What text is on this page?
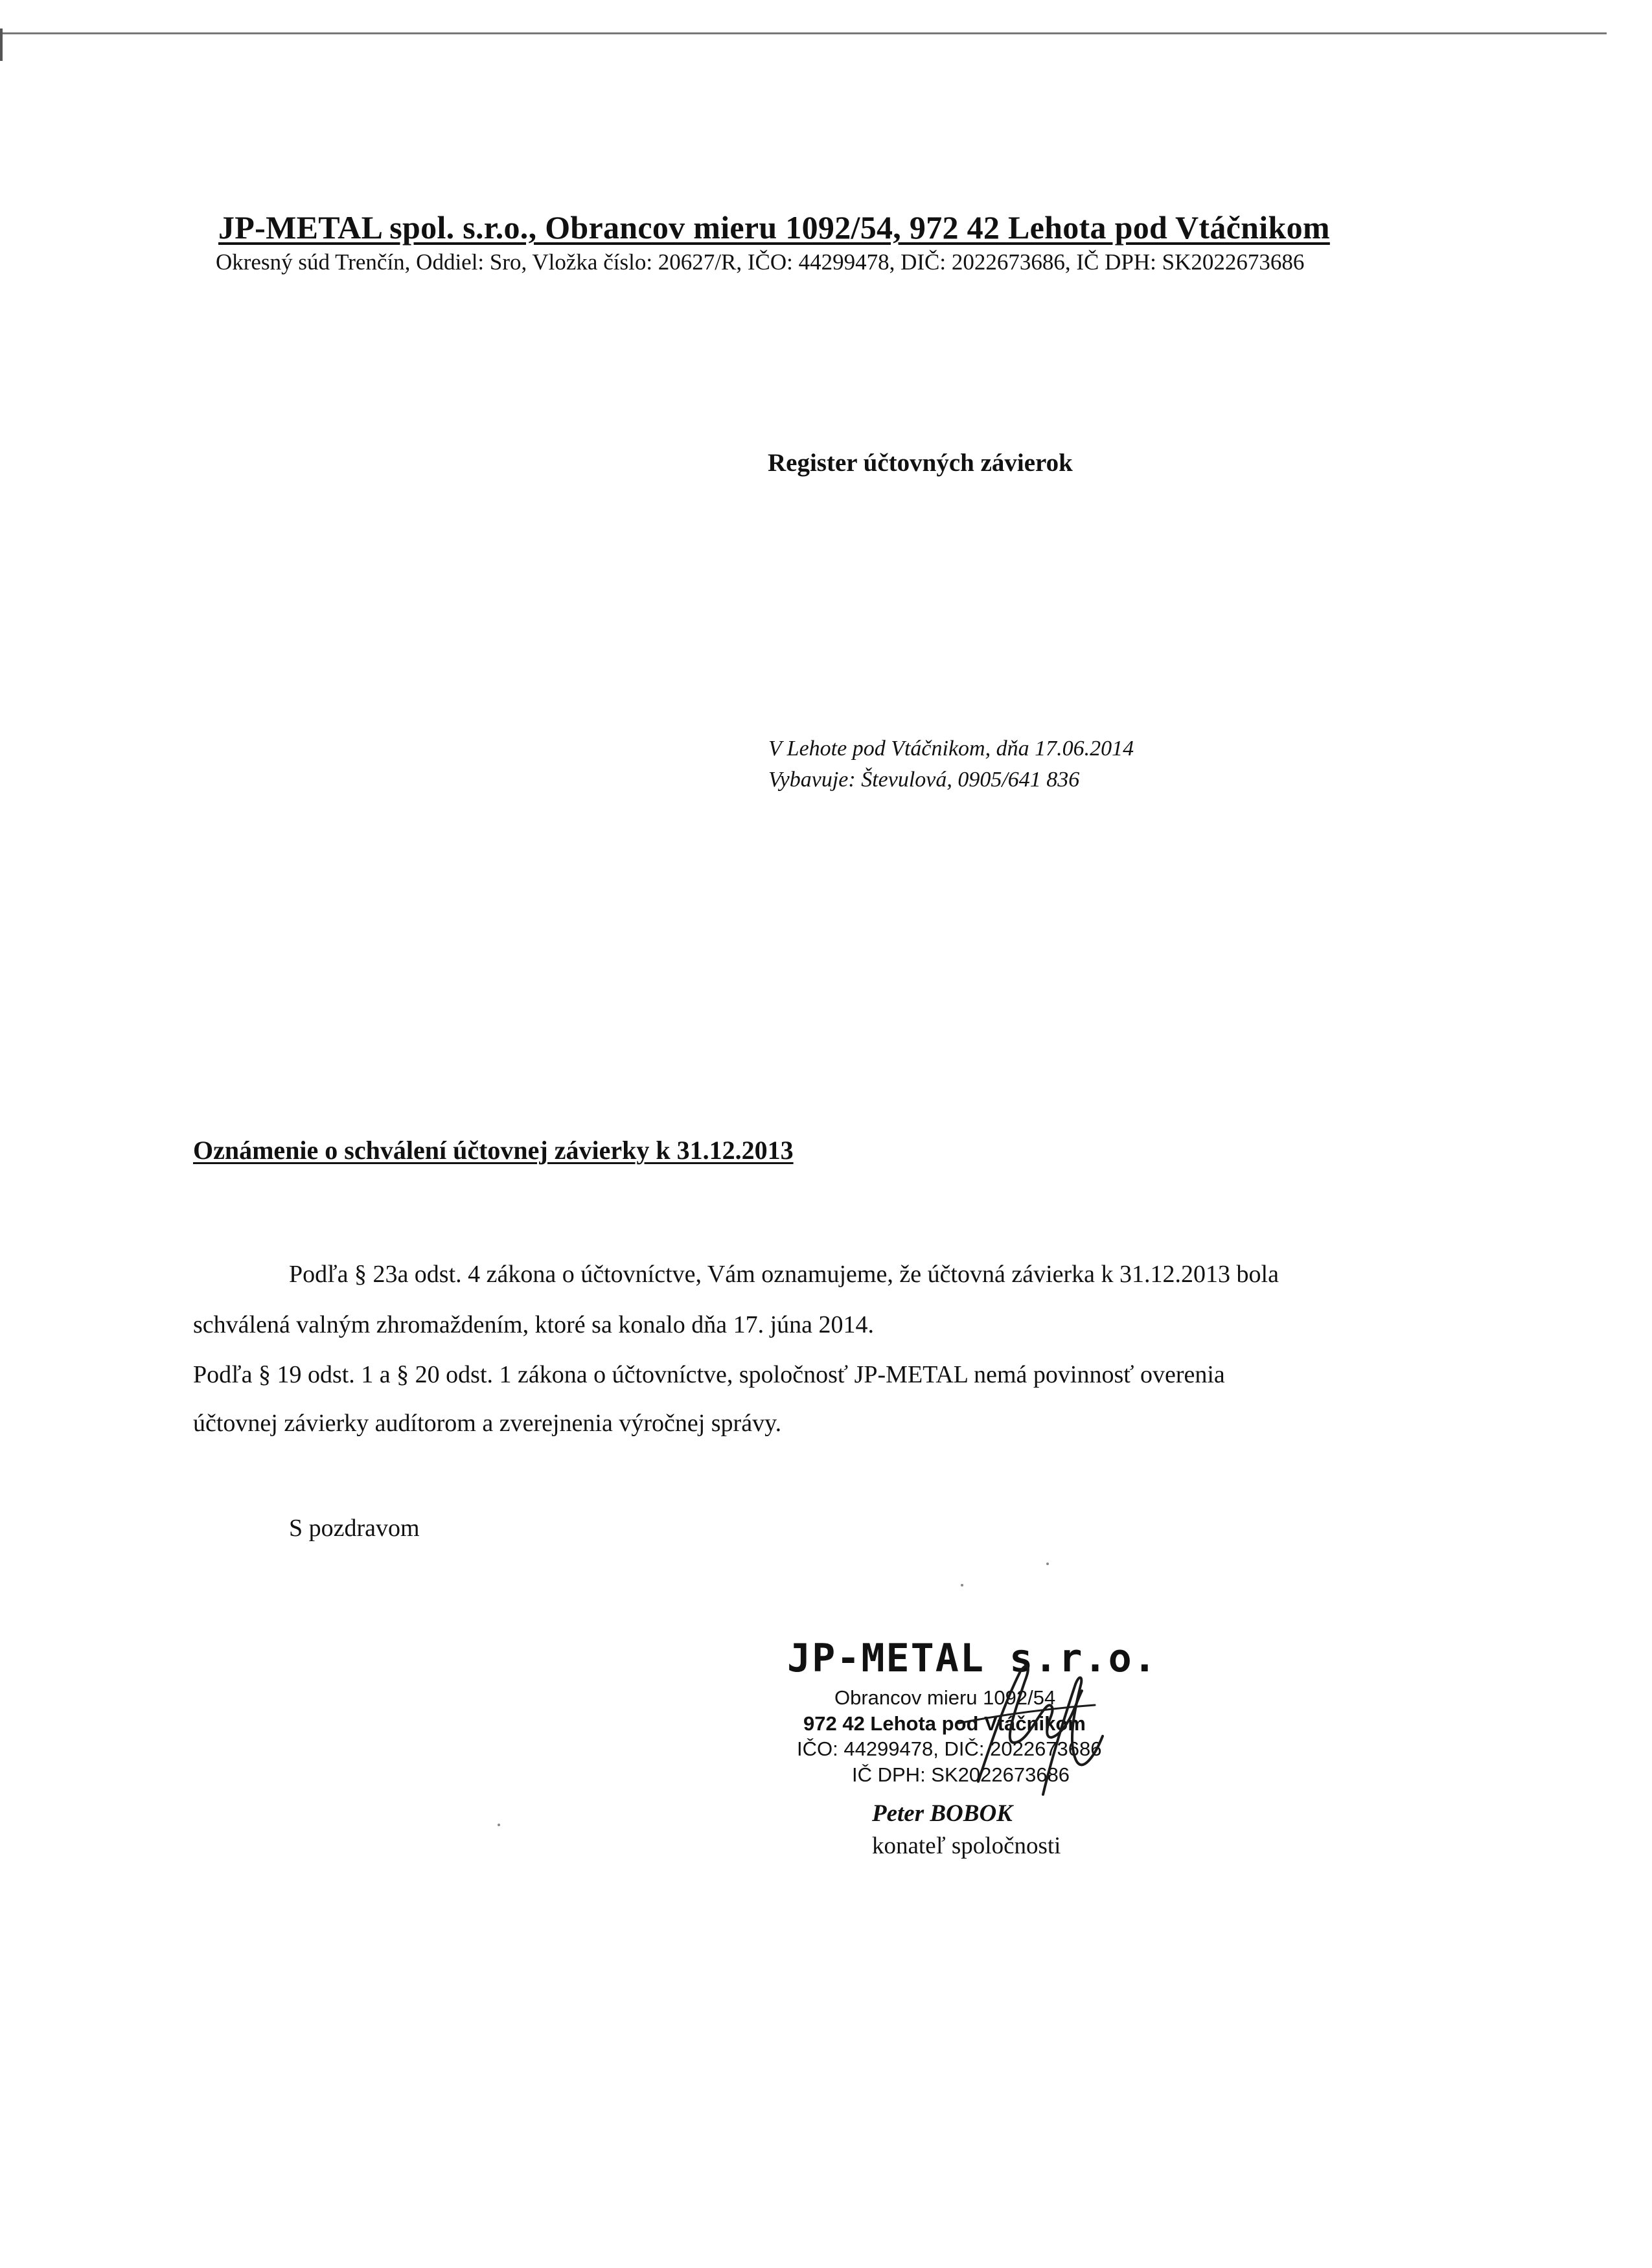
JP-METAL spol. s.r.o., Obrancov mieru 1092/54, 972 42 Lehota pod Vtáčnikom
Okresný súd Trenčín, Oddiel: Sro, Vložka číslo: 20627/R, IČO: 44299478, DIČ: 2022673686, IČ DPH: SK2022673686
Register účtovných závierok
V Lehote pod Vtáčnikom, dňa 17.06.2014
Vybavuje: Števulová, 0905/641 836
Oznámenie o schválení účtovnej závierky k 31.12.2013
Podľa § 23a odst. 4 zákona o účtovníctve, Vám oznamujeme, že účtovná závierka k 31.12.2013 bola
schválená valným zhromaždením, ktoré sa konalo dňa 17. júna 2014.
Podľa § 19 odst. 1 a § 20 odst. 1 zákona o účtovníctve, spoločnosť JP-METAL nemá povinnosť overenia
účtovnej závierky audítorom a zverejnenia výročnej správy.
S pozdravom
JP-METAL s.r.o.
Obrancov mieru 1092/54
972 42 Lehota pod Vtáčnikom
IČO: 44299478, DIČ: 2022673686
IČ DPH: SK2022673686
Peter BOBOK
konateľ spoločnosti
